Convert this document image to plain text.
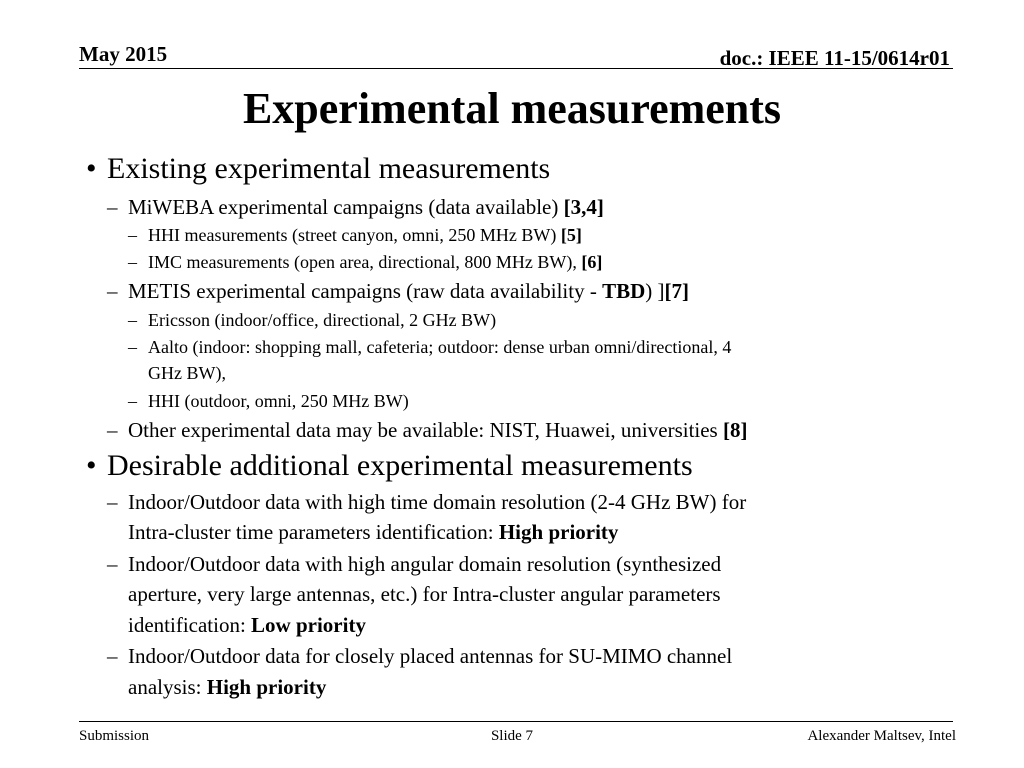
May 2015	doc.: IEEE 11-15/0614r01
Experimental measurements
• Existing experimental measurements
– MiWEBA experimental campaigns (data available) [3,4]
– HHI measurements (street canyon, omni, 250 MHz BW) [5]
– IMC measurements (open area, directional, 800 MHz BW), [6]
– METIS experimental campaigns (raw data availability - TBD) ][7]
– Ericsson (indoor/office, directional, 2 GHz BW)
– Aalto (indoor: shopping mall, cafeteria; outdoor: dense urban omni/directional, 4
GHz BW),
– HHI (outdoor, omni, 250 MHz BW)
– Other experimental data may be available: NIST, Huawei, universities [8]
• Desirable additional experimental measurements
– Indoor/Outdoor data with high time domain resolution (2-4 GHz BW) for
Intra-cluster time parameters identification: High priority
– Indoor/Outdoor data with high angular domain resolution (synthesized
aperture, very large antennas, etc.) for Intra-cluster angular parameters
identification: Low priority
– Indoor/Outdoor data for closely placed antennas for SU-MIMO channel
analysis: High priority
Submission	Slide 7	Alexander Maltsev, Intel
